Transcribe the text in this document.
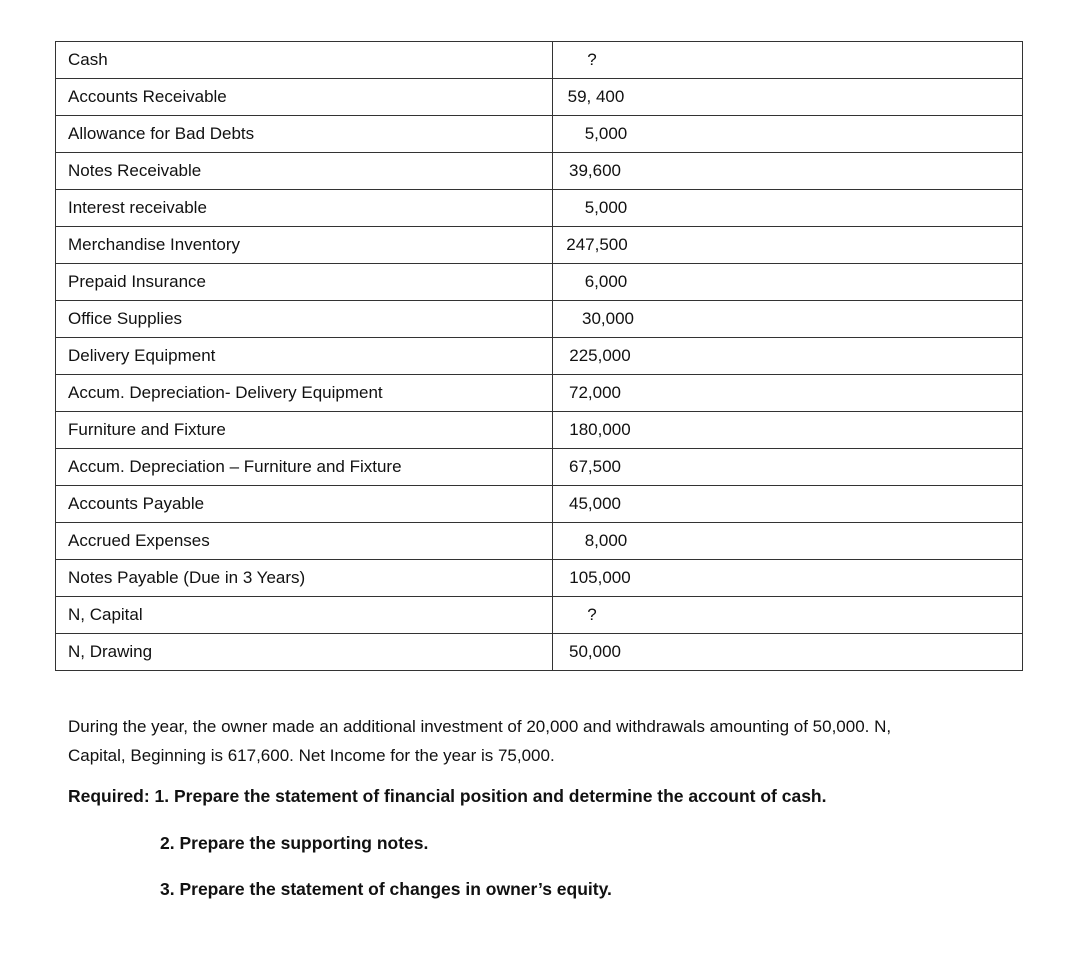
Cash	?
Accounts Receivable	59, 400
Allowance for Bad Debts	5,000
Notes Receivable	39,600
Interest receivable	5,000
Merchandise Inventory	247,500
Prepaid Insurance	6,000
Office Supplies	30,000
Delivery Equipment	225,000
Accum. Depreciation- Delivery Equipment	72,000
Furniture and Fixture	180,000
Accum. Depreciation – Furniture and Fixture	67,500
Accounts Payable	45,000
Accrued Expenses	8,000
Notes Payable (Due in 3 Years)	105,000
N, Capital	?
N, Drawing	50,000

During the year, the owner made an additional investment of 20,000 and withdrawals amounting of 50,000. N,
Capital, Beginning is 617,600. Net Income for the year is 75,000.

Required: 1. Prepare the statement of financial position and determine the account of cash.

2. Prepare the supporting notes.

3. Prepare the statement of changes in owner’s equity.
